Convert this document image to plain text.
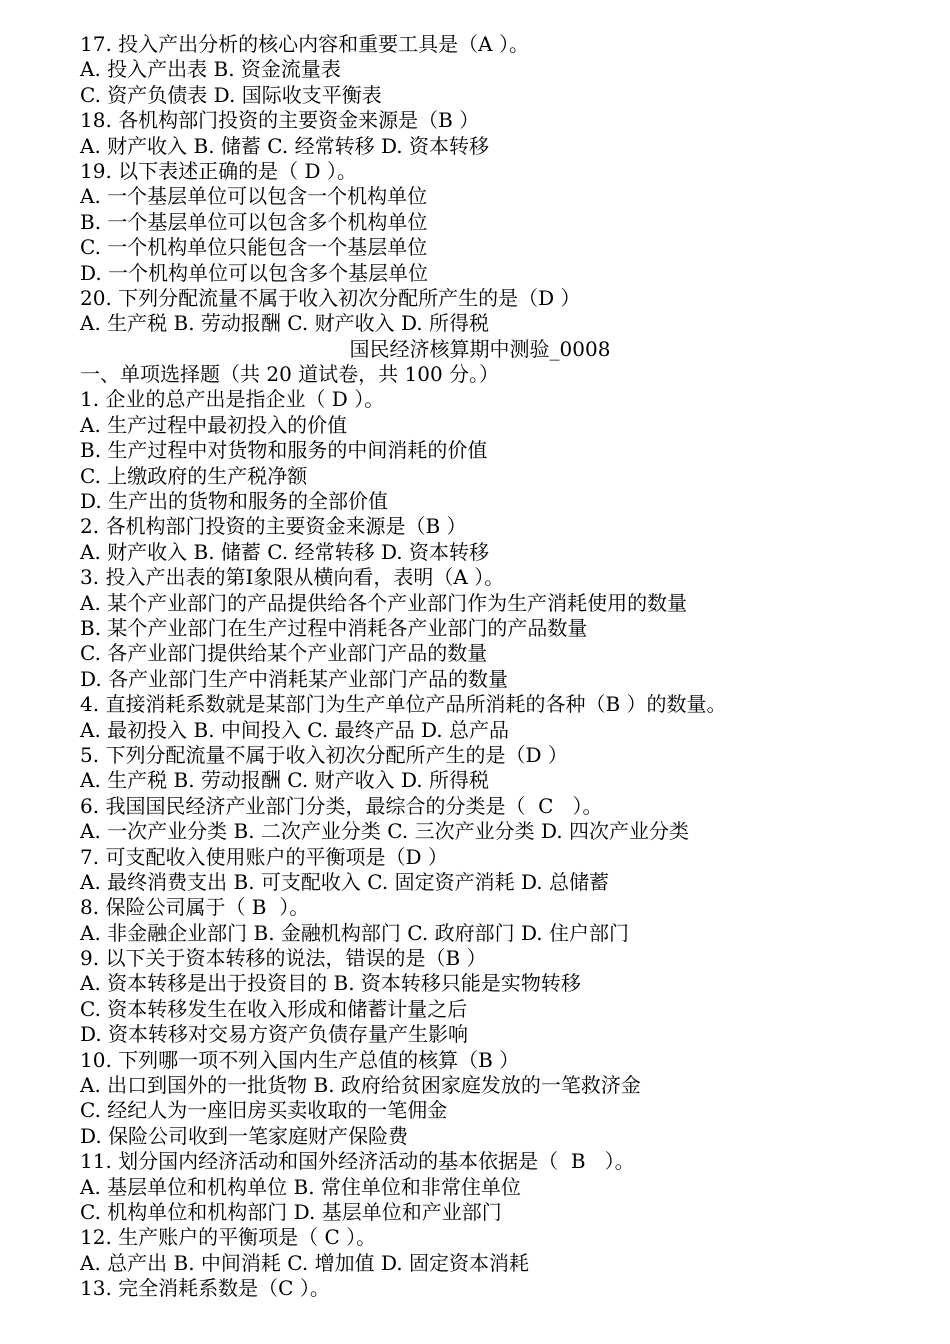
17. 投入产出分析的核心内容和重要工具是（A ）。
A. 投入产出表 B. 资金流量表
C. 资产负债表 D. 国际收支平衡表
18. 各机构部门投资的主要资金来源是（B ）
A. 财产收入 B. 储蓄 C. 经常转移 D. 资本转移
19. 以下表述正确的是（ D ）。
A. 一个基层单位可以包含一个机构单位
B. 一个基层单位可以包含多个机构单位
C. 一个机构单位只能包含一个基层单位
D. 一个机构单位可以包含多个基层单位
20. 下列分配流量不属于收入初次分配所产生的是（D ）
A. 生产税 B. 劳动报酬 C. 财产收入 D. 所得税
国民经济核算期中测验_0008
一、单项选择题（共 20 道试卷，共 100 分。）
1. 企业的总产出是指企业（ D ）。
A. 生产过程中最初投入的价值
B. 生产过程中对货物和服务的中间消耗的价值
C. 上缴政府的生产税净额
D. 生产出的货物和服务的全部价值
2. 各机构部门投资的主要资金来源是（B ）
A. 财产收入 B. 储蓄 C. 经常转移 D. 资本转移
3. 投入产出表的第Ⅰ象限从横向看，表明（A ）。
A. 某个产业部门的产品提供给各个产业部门作为生产消耗使用的数量
B. 某个产业部门在生产过程中消耗各产业部门的产品数量
C. 各产业部门提供给某个产业部门产品的数量
D. 各产业部门生产中消耗某产业部门产品的数量
4. 直接消耗系数就是某部门为生产单位产品所消耗的各种（B ）的数量。
A. 最初投入 B. 中间投入 C. 最终产品 D. 总产品
5. 下列分配流量不属于收入初次分配所产生的是（D ）
A. 生产税 B. 劳动报酬 C. 财产收入 D. 所得税
6. 我国国民经济产业部门分类，最综合的分类是（  C   ）。
A. 一次产业分类 B. 二次产业分类 C. 三次产业分类 D. 四次产业分类
7. 可支配收入使用账户的平衡项是（D ）
A. 最终消费支出 B. 可支配收入 C. 固定资产消耗 D. 总储蓄
8. 保险公司属于（ B  ）。
A. 非金融企业部门 B. 金融机构部门 C. 政府部门 D. 住户部门
9. 以下关于资本转移的说法，错误的是（B ）
A. 资本转移是出于投资目的 B. 资本转移只能是实物转移
C. 资本转移发生在收入形成和储蓄计量之后
D. 资本转移对交易方资产负债存量产生影响
10. 下列哪一项不列入国内生产总值的核算（B ）
A. 出口到国外的一批货物 B. 政府给贫困家庭发放的一笔救济金
C. 经纪人为一座旧房买卖收取的一笔佣金
D. 保险公司收到一笔家庭财产保险费
11. 划分国内经济活动和国外经济活动的基本依据是（  B   ）。
A. 基层单位和机构单位 B. 常住单位和非常住单位
C. 机构单位和机构部门 D. 基层单位和产业部门
12. 生产账户的平衡项是（ C ）。
A. 总产出 B. 中间消耗 C. 增加值 D. 固定资本消耗
13. 完全消耗系数是（C ）。
